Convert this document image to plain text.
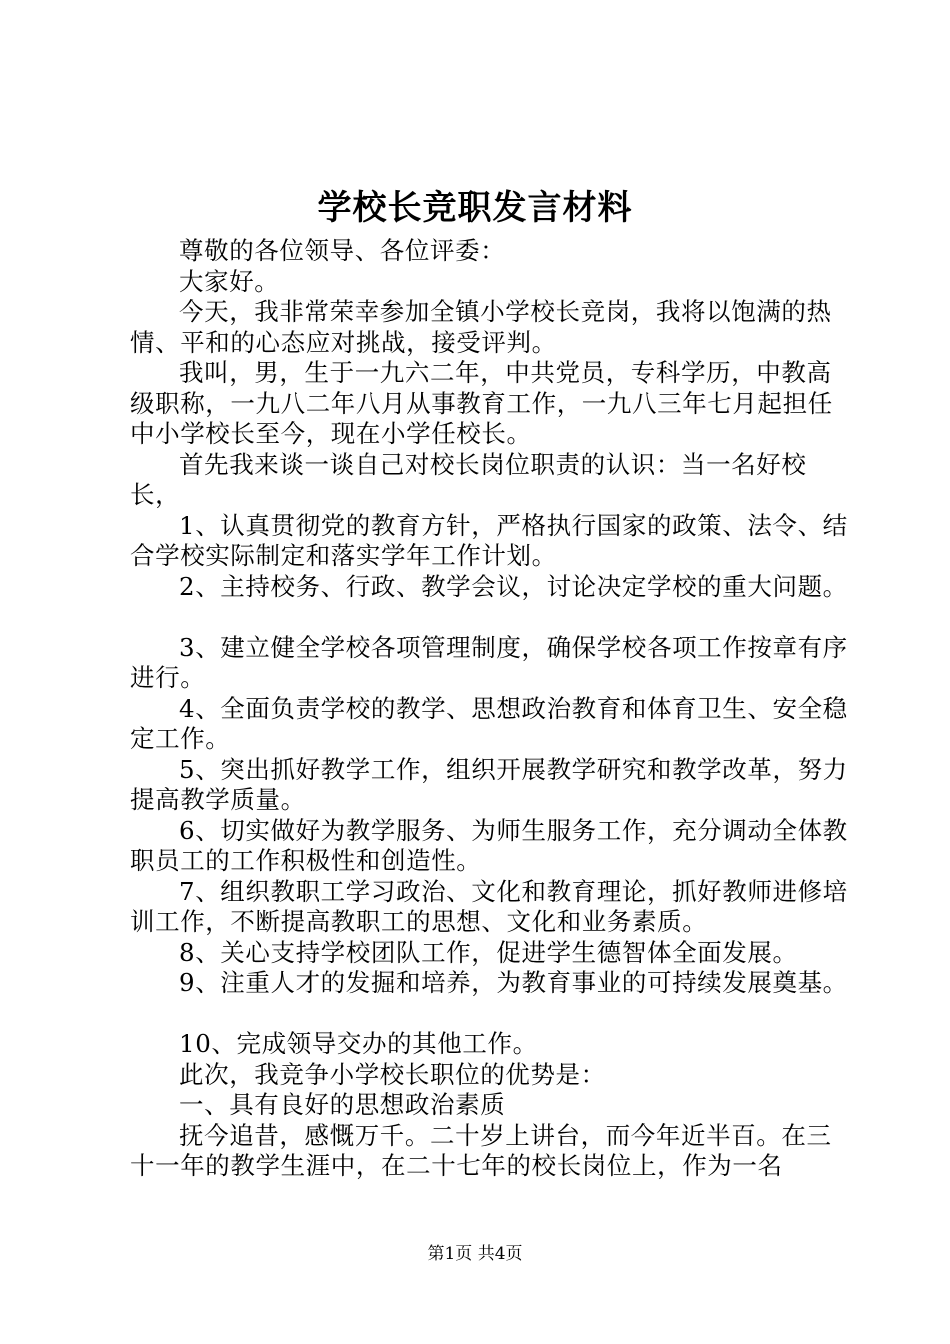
学校长竞职发言材料

尊敬的各位领导、各位评委：

大家好。

今天，我非常荣幸参加全镇小学校长竞岗，我将以饱满的热情、平和的心态应对挑战，接受评判。

我叫，男，生于一九六二年，中共党员，专科学历，中教高级职称，一九八二年八月从事教育工作，一九八三年七月起担任中小学校长至今，现在小学任校长。

首先我来谈一谈自己对校长岗位职责的认识：当一名好校长，

1、认真贯彻党的教育方针，严格执行国家的政策、法令、结合学校实际制定和落实学年工作计划。

2、主持校务、行政、教学会议，讨论决定学校的重大问题。

3、建立健全学校各项管理制度，确保学校各项工作按章有序进行。

4、全面负责学校的教学、思想政治教育和体育卫生、安全稳定工作。

5、突出抓好教学工作，组织开展教学研究和教学改革，努力提高教学质量。

6、切实做好为教学服务、为师生服务工作，充分调动全体教职员工的工作积极性和创造性。

7、组织教职工学习政治、文化和教育理论，抓好教师进修培训工作，不断提高教职工的思想、文化和业务素质。

8、关心支持学校团队工作，促进学生德智体全面发展。

9、注重人才的发掘和培养，为教育事业的可持续发展奠基。

10、完成领导交办的其他工作。

此次，我竞争小学校长职位的优势是：

一、具有良好的思想政治素质

抚今追昔，感慨万千。二十岁上讲台，而今年近半百。在三十一年的教学生涯中，在二十七年的校长岗位上，作为一名

第1页 共4页
